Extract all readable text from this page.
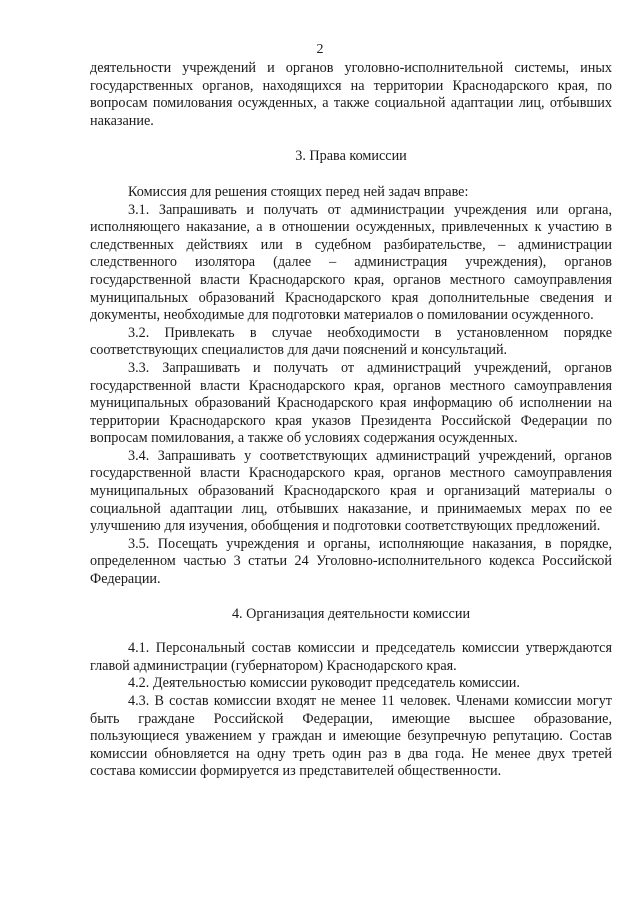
2

деятельности учреждений и органов уголовно-исполнительной системы, иных государственных органов, находящихся на территории Краснодарского края, по вопросам помилования осужденных, а также социальной адаптации лиц, отбывших наказание.

3. Права комиссии

Комиссия для решения стоящих перед ней задач вправе:

3.1. Запрашивать и получать от администрации учреждения или органа, исполняющего наказание, а в отношении осужденных, привлеченных к участию в следственных действиях или в судебном разбирательстве, – администрации следственного изолятора (далее – администрация учреждения), органов государственной власти Краснодарского края, органов местного самоуправления муниципальных образований Краснодарского края дополнительные сведения и документы, необходимые для подготовки материалов о помиловании осужденного.

3.2. Привлекать в случае необходимости в установленном порядке соответствующих специалистов для дачи пояснений и консультаций.

3.3. Запрашивать и получать от администраций учреждений, органов государственной власти Краснодарского края, органов местного самоуправления муниципальных образований Краснодарского края информацию об исполнении на территории Краснодарского края указов Президента Российской Федерации по вопросам помилования, а также об условиях содержания осужденных.

3.4. Запрашивать у соответствующих администраций учреждений, органов государственной власти Краснодарского края, органов местного самоуправления муниципальных образований Краснодарского края и организаций материалы о социальной адаптации лиц, отбывших наказание, и принимаемых мерах по ее улучшению для изучения, обобщения и подготовки соответствующих предложений.

3.5. Посещать учреждения и органы, исполняющие наказания, в порядке, определенном частью 3 статьи 24 Уголовно-исполнительного кодекса Российской Федерации.

4. Организация деятельности комиссии

4.1. Персональный состав комиссии и председатель комиссии утверждаются главой администрации (губернатором) Краснодарского края.

4.2. Деятельностью комиссии руководит председатель комиссии.

4.3. В состав комиссии входят не менее 11 человек. Членами комиссии могут быть граждане Российской Федерации, имеющие высшее образование, пользующиеся уважением у граждан и имеющие безупречную репутацию. Состав комиссии обновляется на одну треть один раз в два года. Не менее двух третей состава комиссии формируется из представителей общественности.
